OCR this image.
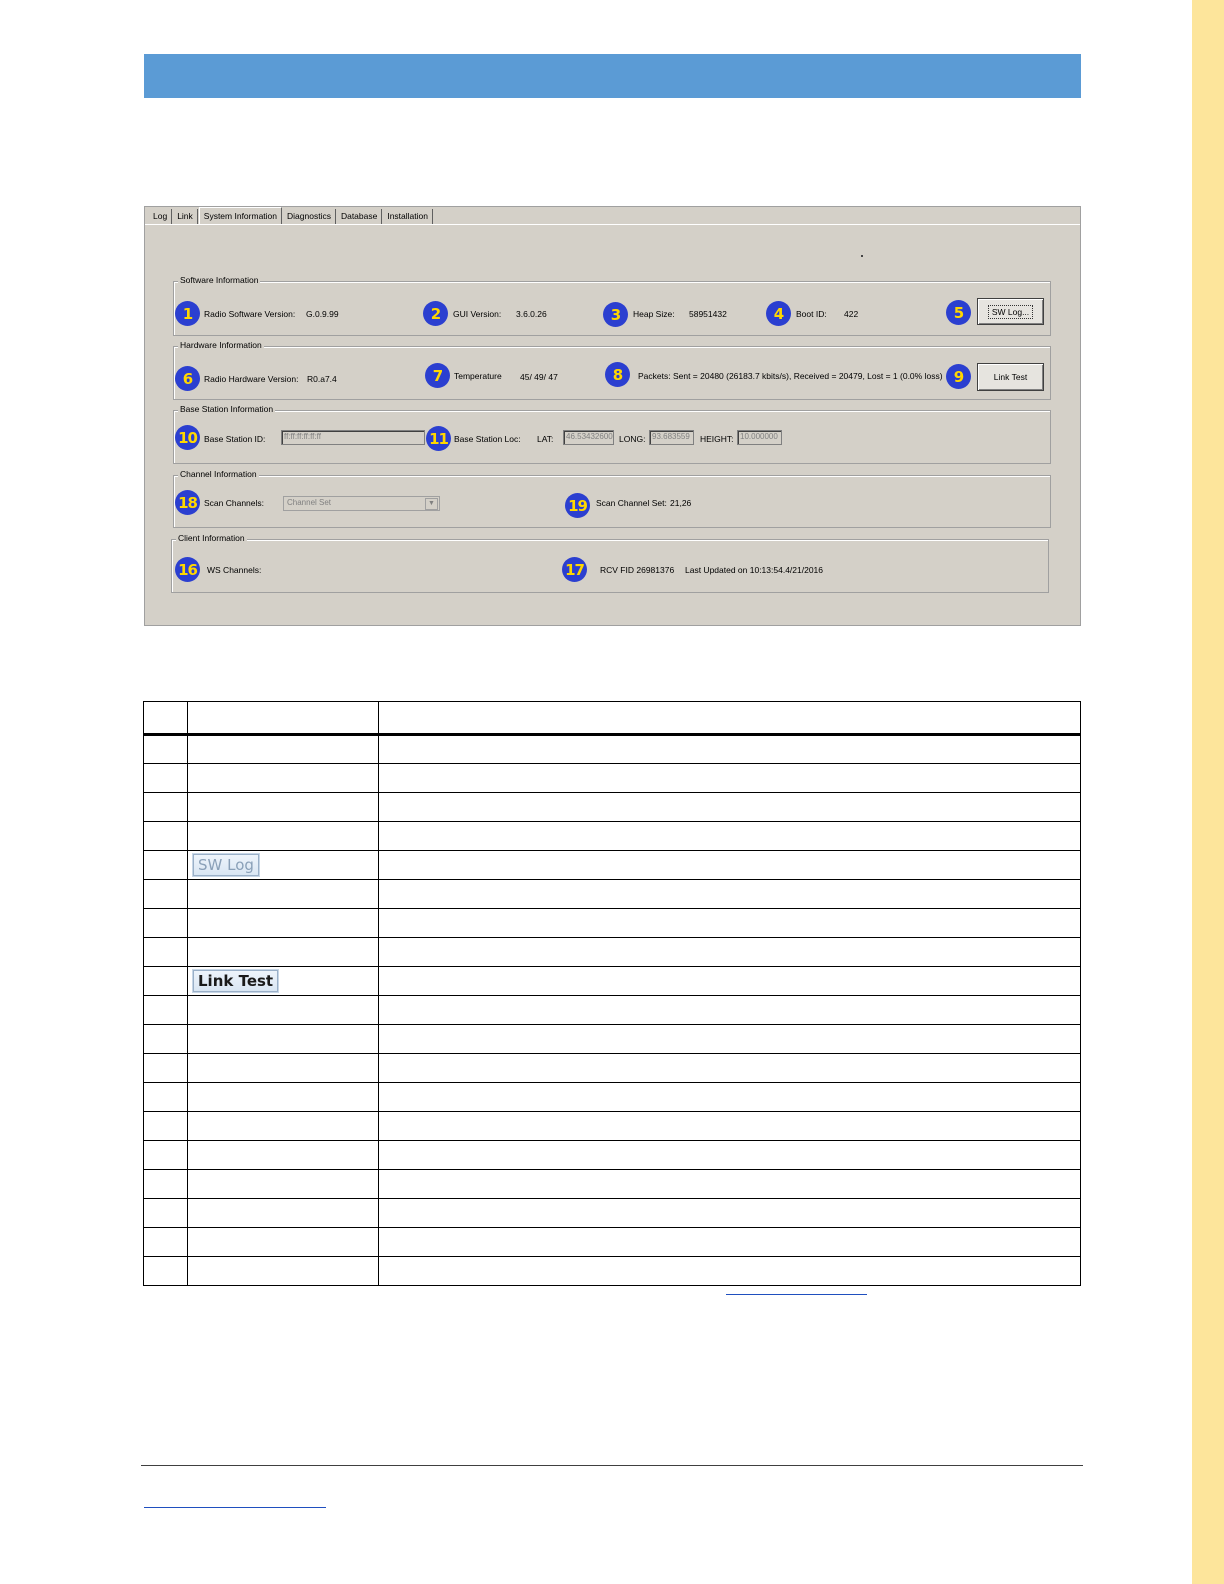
Log	Link	System Information	Diagnostics	Database	Installation
Software Information
1	Radio Software Version: G.0.9.99	2	GUI Version: 3.6.0.26	3	Heap Size: 58951432	4	Boot ID: 422	5	SW Log...
Hardware Information
6	Radio Hardware Version: R0.a7.4	7	Temperature 45/ 49/ 47	8	Packets: Sent = 20480 (26183.7 kbits/s), Received = 20479, Lost = 1 (0.0% loss) 9	Link Test
Base Station Information
10 Base Station ID:	ff:ff:ff:ff:ff:ff	11 Base Station Loc: LAT:	46.53432600 LONG: 93.683559	HEIGHT: 10.000000
Channel Information
18 Scan Channels:	Channel Set	▼	19	Scan Channel Set: 21,26
Client Information
16	WS Channels:	17	RCV FID 26981376 Last Updated on 10:13:54.4/21/2016

	SW Log	

	Link Test	
